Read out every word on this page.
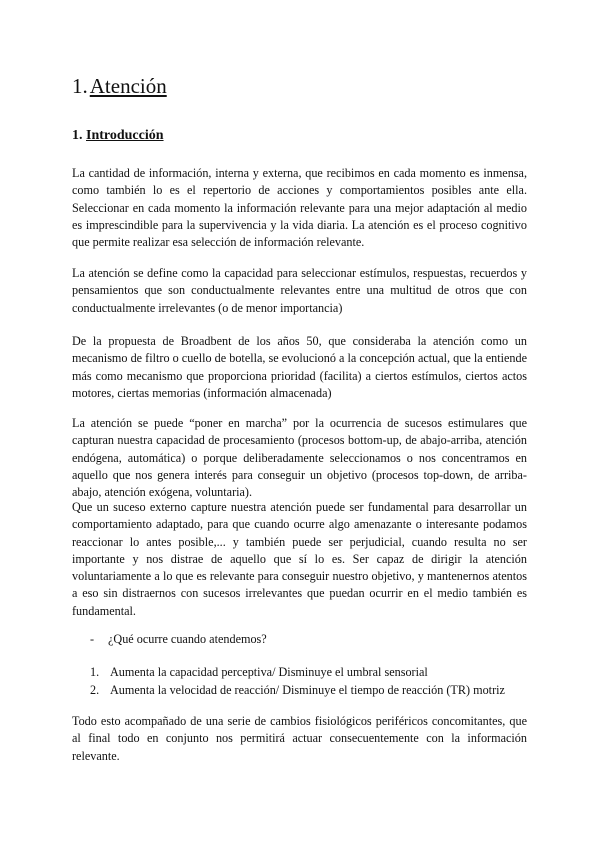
1.Atención
1. Introducción

La cantidad de información, interna y externa, que recibimos en cada momento es inmensa, como también lo es el repertorio de acciones y comportamientos posibles ante ella. Seleccionar en cada momento la información relevante para una mejor adaptación al medio es imprescindible para la supervivencia y la vida diaria. La atención es el proceso cognitivo que permite realizar esa selección de información relevante.

La atención se define como la capacidad para seleccionar estímulos, respuestas, recuerdos y pensamientos que son conductualmente relevantes entre una multitud de otros que con conductualmente irrelevantes (o de menor importancia)

De la propuesta de Broadbent de los años 50, que consideraba la atención como un mecanismo de filtro o cuello de botella, se evolucionó a la concepción actual, que la entiende más como mecanismo que proporciona prioridad (facilita) a ciertos estímulos, ciertos actos motores, ciertas memorias (información almacenada)

La atención se puede “poner en marcha” por la ocurrencia de sucesos estimulares que capturan nuestra capacidad de procesamiento (procesos bottom-up, de abajo-arriba, atención endógena, automática) o porque deliberadamente seleccionamos o nos concentramos en aquello que nos genera interés para conseguir un objetivo (procesos top-down, de arriba-abajo, atención exógena, voluntaria).

Que un suceso externo capture nuestra atención puede ser fundamental para desarrollar un comportamiento adaptado, para que cuando ocurre algo amenazante o interesante podamos reaccionar lo antes posible,... y también puede ser perjudicial, cuando resulta no ser importante y nos distrae de aquello que sí lo es. Ser capaz de dirigir la atención voluntariamente a lo que es relevante para conseguir nuestro objetivo, y mantenernos atentos a eso sin distraernos con sucesos irrelevantes que puedan ocurrir en el medio también es fundamental.

- ¿Qué ocurre cuando atendemos?

1. Aumenta la capacidad perceptiva/ Disminuye el umbral sensorial
2. Aumenta la velocidad de reacción/ Disminuye el tiempo de reacción (TR) motriz

Todo esto acompañado de una serie de cambios fisiológicos periféricos concomitantes, que al final todo en conjunto nos permitirá actuar consecuentemente con la información relevante.
